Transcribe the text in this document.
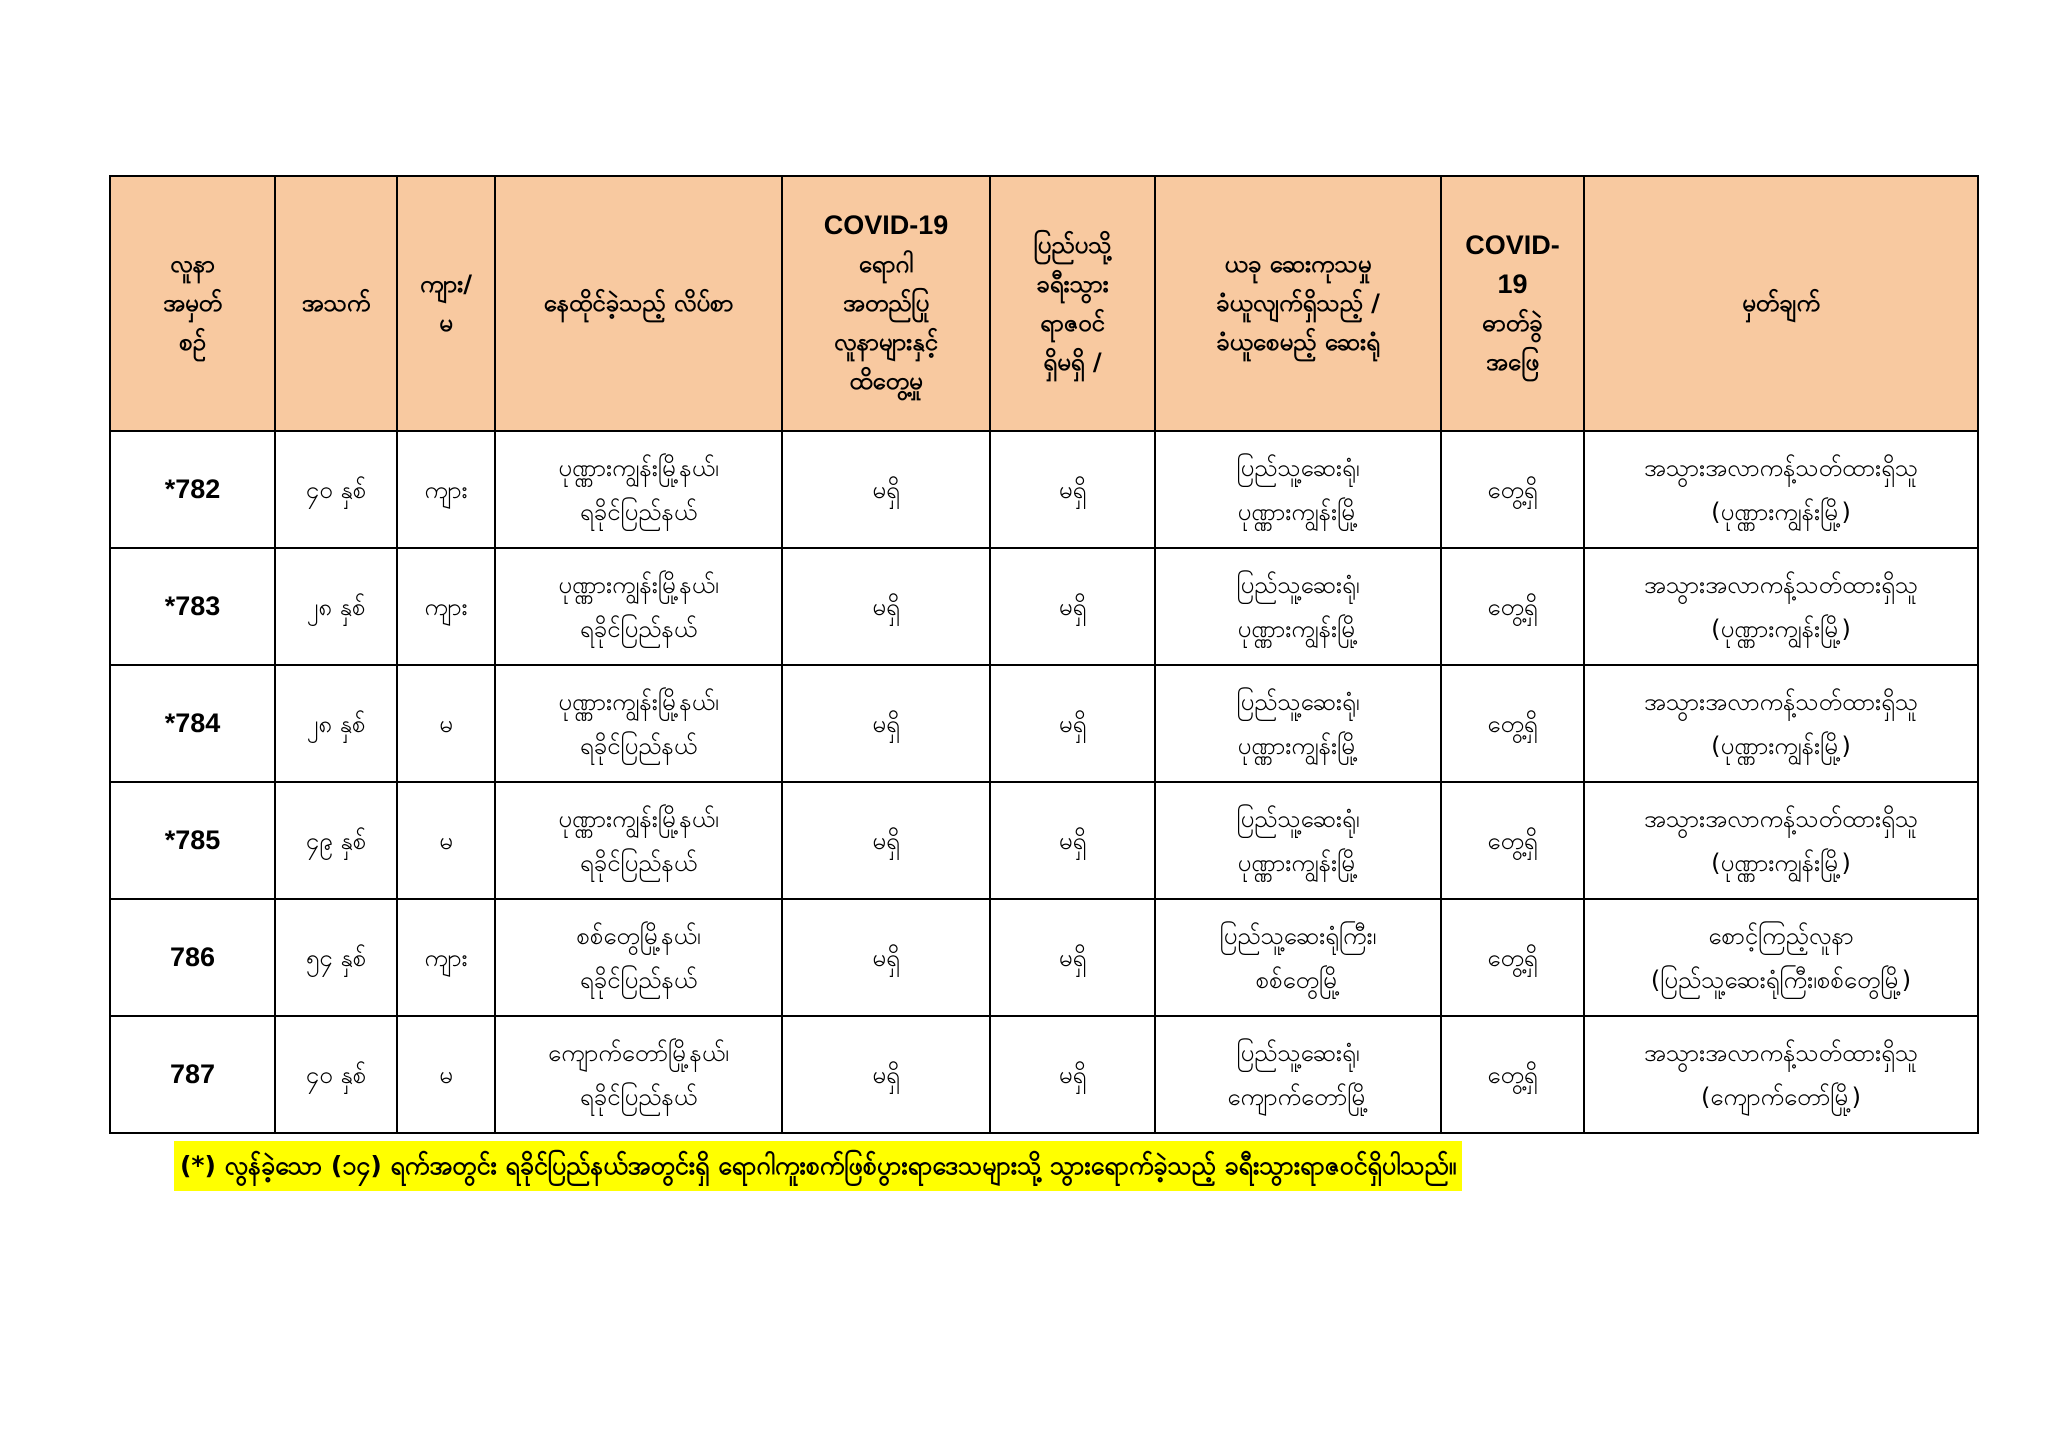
လူနာ
အမှတ်
စဉ်	အသက်	ကျား/
မ	နေထိုင်ခဲ့သည့် လိပ်စာ	COVID-19
ရောဂါ
အတည်ပြု
လူနာများနှင့်
ထိတွေ့မှု	ပြည်ပသို့
ခရီးသွား
ရာဇဝင်
ရှိမရှိ /	ယခု ဆေးကုသမှု
ခံယူလျက်ရှိသည့် /
ခံယူစေမည့် ဆေးရုံ	COVID-
19
ဓာတ်ခွဲ
အဖြေ	မှတ်ချက်

*782	၄၀ နှစ်	ကျား	ပုဏ္ဏားကျွန်းမြို့နယ်၊
ရခိုင်ပြည်နယ်	မရှိ	မရှိ	ပြည်သူ့ဆေးရုံ၊
ပုဏ္ဏားကျွန်းမြို့	တွေ့ရှိ	အသွားအလာကန့်သတ်ထားရှိသူ
(ပုဏ္ဏားကျွန်းမြို့)

*783	၂၈ နှစ်	ကျား	ပုဏ္ဏားကျွန်းမြို့နယ်၊
ရခိုင်ပြည်နယ်	မရှိ	မရှိ	ပြည်သူ့ဆေးရုံ၊
ပုဏ္ဏားကျွန်းမြို့	တွေ့ရှိ	အသွားအလာကန့်သတ်ထားရှိသူ
(ပုဏ္ဏားကျွန်းမြို့)

*784	၂၈ နှစ်	မ	ပုဏ္ဏားကျွန်းမြို့နယ်၊
ရခိုင်ပြည်နယ်	မရှိ	မရှိ	ပြည်သူ့ဆေးရုံ၊
ပုဏ္ဏားကျွန်းမြို့	တွေ့ရှိ	အသွားအလာကန့်သတ်ထားရှိသူ
(ပုဏ္ဏားကျွန်းမြို့)

*785	၄၉ နှစ်	မ	ပုဏ္ဏားကျွန်းမြို့နယ်၊
ရခိုင်ပြည်နယ်	မရှိ	မရှိ	ပြည်သူ့ဆေးရုံ၊
ပုဏ္ဏားကျွန်းမြို့	တွေ့ရှိ	အသွားအလာကန့်သတ်ထားရှိသူ
(ပုဏ္ဏားကျွန်းမြို့)

786	၅၄ နှစ်	ကျား	စစ်တွေမြို့နယ်၊
ရခိုင်ပြည်နယ်	မရှိ	မရှိ	ပြည်သူ့ဆေးရုံကြီး၊
စစ်တွေမြို့	တွေ့ရှိ	စောင့်ကြည့်လူနာ
(ပြည်သူ့ဆေးရုံကြီး၊စစ်တွေမြို့)

787	၄၀ နှစ်	မ	ကျောက်တော်မြို့နယ်၊
ရခိုင်ပြည်နယ်	မရှိ	မရှိ	ပြည်သူ့ဆေးရုံ၊
ကျောက်တော်မြို့	တွေ့ရှိ	အသွားအလာကန့်သတ်ထားရှိသူ
(ကျောက်တော်မြို့)
(*) လွန်ခဲ့သော (၁၄) ရက်အတွင်း ရခိုင်ပြည်နယ်အတွင်းရှိ ရောဂါကူးစက်ဖြစ်ပွားရာဒေသများသို့ သွားရောက်ခဲ့သည့် ခရီးသွားရာဇဝင်ရှိပါသည်။
